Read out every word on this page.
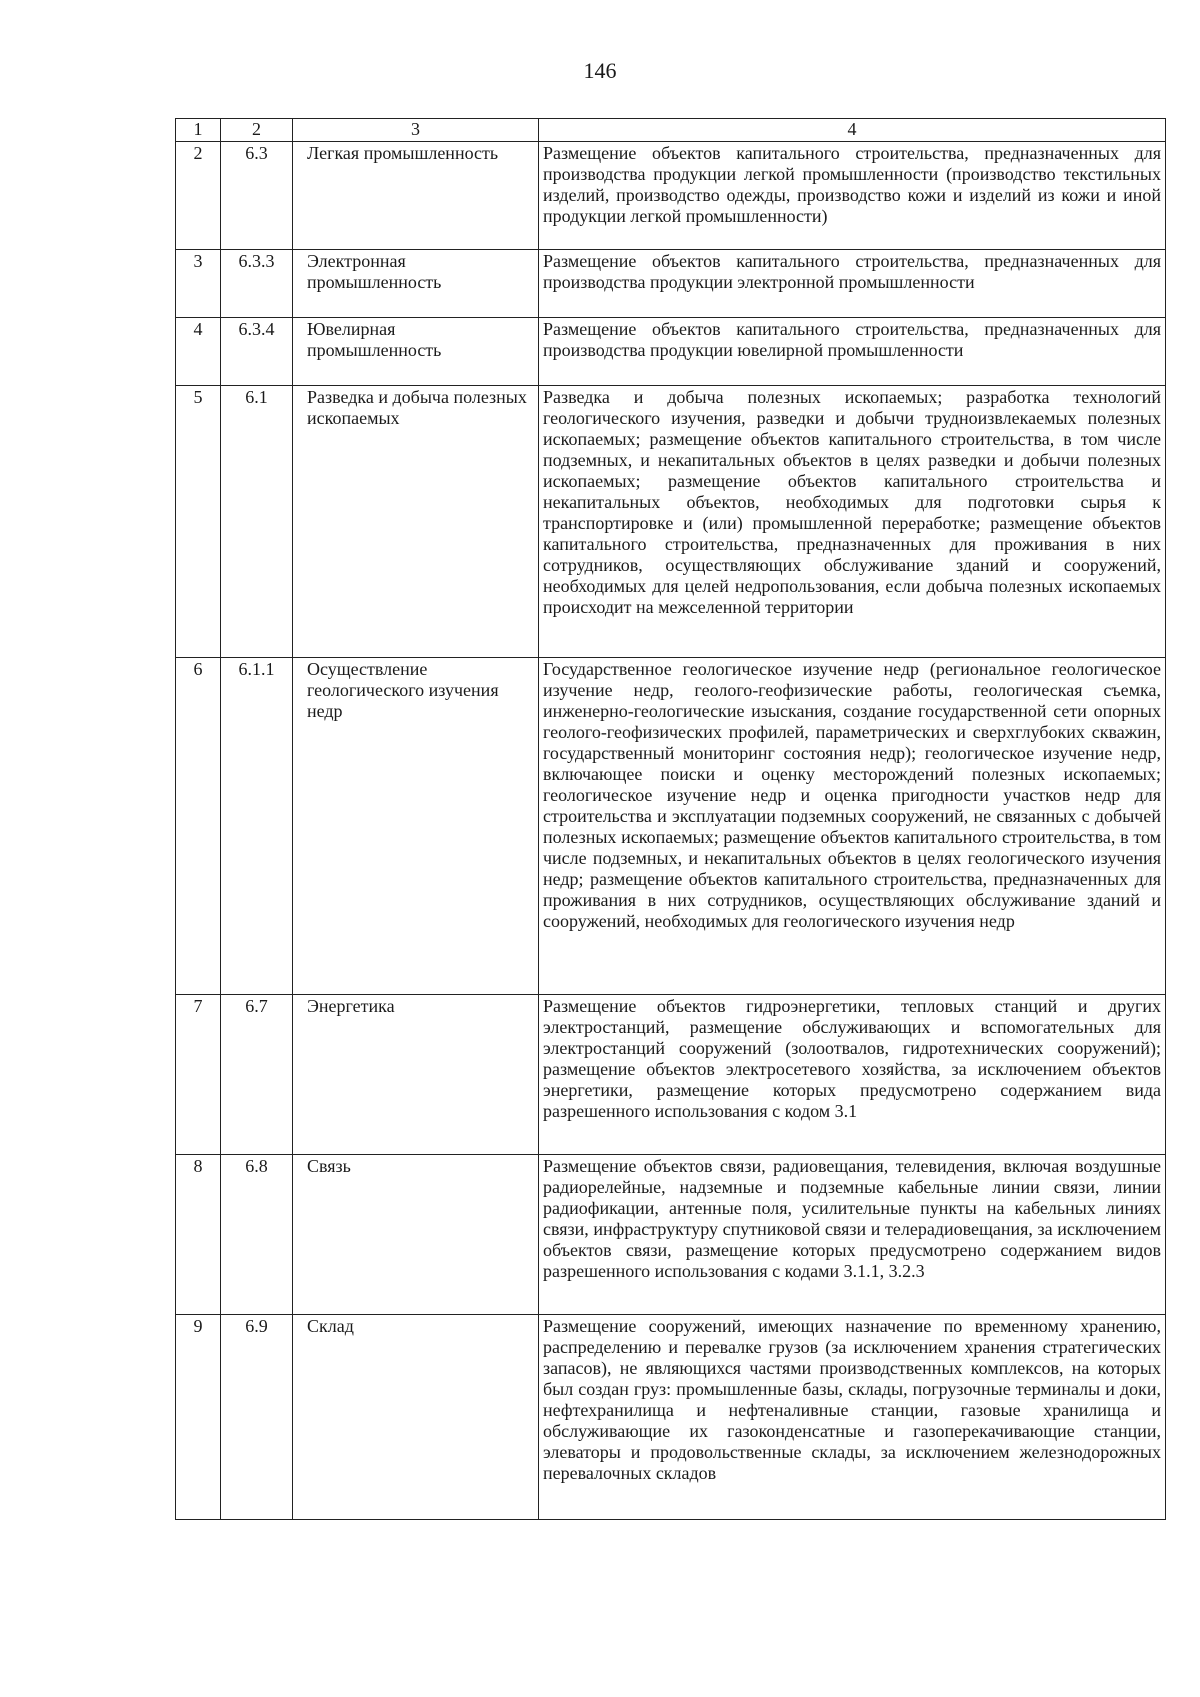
146
1	2	3	4
2	6.3	Легкая промышленность	Размещение объектов капитального строительства, предназначенных для производства продукции легкой промышленности (производство текстильных изделий, производство одежды, производство кожи и изделий из кожи и иной продукции легкой промышленности)
3	6.3.3	Электронная промышленность	Размещение объектов капитального строительства, предназначенных для производства продукции электронной промышленности
4	6.3.4	Ювелирная промышленность	Размещение объектов капитального строительства, предназначенных для производства продукции ювелирной промышленности
5	6.1	Разведка и добыча полезных ископаемых	Разведка и добыча полезных ископаемых; разработка технологий геологического изучения, разведки и добычи трудноизвлекаемых полезных ископаемых; размещение объектов капитального строительства, в том числе подземных, и некапитальных объектов в целях разведки и добычи полезных ископаемых; размещение объектов капитального строительства и некапитальных объектов, необходимых для подготовки сырья к транспортировке и (или) промышленной переработке; размещение объектов капитального строительства, предназначенных для проживания в них сотрудников, осуществляющих обслуживание зданий и сооружений, необходимых для целей недропользования, если добыча полезных ископаемых происходит на межселенной территории
6	6.1.1	Осуществление геологического изучения недр	Государственное геологическое изучение недр (региональное геологическое изучение недр, геолого-геофизические работы, геологическая съемка, инженерно-геологические изыскания, создание государственной сети опорных геолого-геофизических профилей, параметрических и сверхглубоких скважин, государственный мониторинг состояния недр); геологическое изучение недр, включающее поиски и оценку месторождений полезных ископаемых; геологическое изучение недр и оценка пригодности участков недр для строительства и эксплуатации подземных сооружений, не связанных с добычей полезных ископаемых; размещение объектов капитального строительства, в том числе подземных, и некапитальных объектов в целях геологического изучения недр; размещение объектов капитального строительства, предназначенных для проживания в них сотрудников, осуществляющих обслуживание зданий и сооружений, необходимых для геологического изучения недр
7	6.7	Энергетика	Размещение объектов гидроэнергетики, тепловых станций и других электростанций, размещение обслуживающих и вспомогательных для электростанций сооружений (золоотвалов, гидротехнических сооружений); размещение объектов электросетевого хозяйства, за исключением объектов энергетики, размещение которых предусмотрено содержанием вида разрешенного использования с кодом 3.1
8	6.8	Связь	Размещение объектов связи, радиовещания, телевидения, включая воздушные радиорелейные, надземные и подземные кабельные линии связи, линии радиофикации, антенные поля, усилительные пункты на кабельных линиях связи, инфраструктуру спутниковой связи и телерадиовещания, за исключением объектов связи, размещение которых предусмотрено содержанием видов разрешенного использования с кодами 3.1.1, 3.2.3
9	6.9	Склад	Размещение сооружений, имеющих назначение по временному хранению, распределению и перевалке грузов (за исключением хранения стратегических запасов), не являющихся частями производственных комплексов, на которых был создан груз: промышленные базы, склады, погрузочные терминалы и доки, нефтехранилища и нефтеналивные станции, газовые хранилища и обслуживающие их газоконденсатные и газоперекачивающие станции, элеваторы и продовольственные склады, за исключением железнодорожных перевалочных складов
